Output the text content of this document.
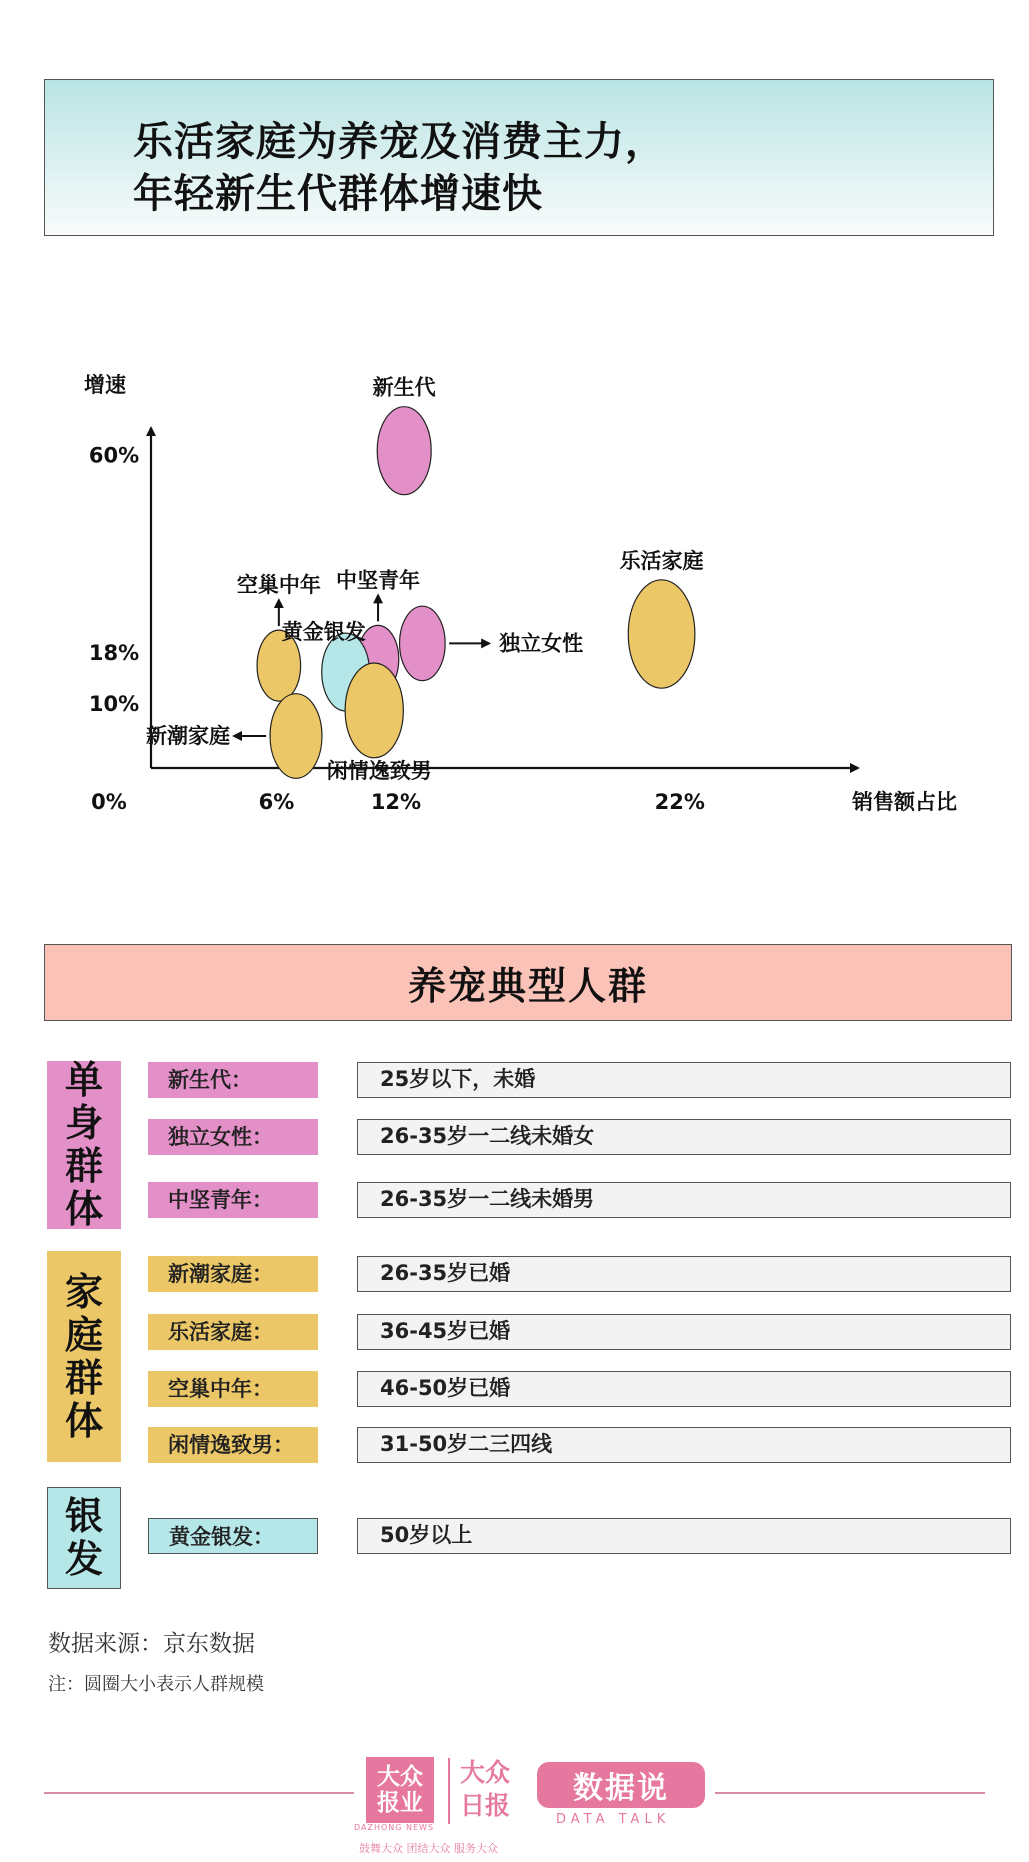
乐活家庭为养宠及消费主力，
年轻新生代群体增速快
增速
销售额占比
10%
18%
60%
0%	6%	12%	22%
新生代
乐活家庭
空巢中年 中坚青年
独立女性
黄金银发
新潮家庭
闲情逸致男
养宠典型人群
单
身
群
体
新生代：	25岁以下，未婚
独立女性：	26-35岁一二线未婚女
中坚青年：	26-35岁一二线未婚男
家
庭
群
体
新潮家庭：	26-35岁已婚
乐活家庭：	36-45岁已婚
空巢中年：	46-50岁已婚
闲情逸致男：	31-50岁二三四线
银
发	黄金银发：	50岁以上
数据来源：京东数据
注：圆圈大小表示人群规模
大众
报业
DAZHONG NEWS
大众
日报	数据说
DATA TALK
鼓舞大众 团结大众 服务大众
